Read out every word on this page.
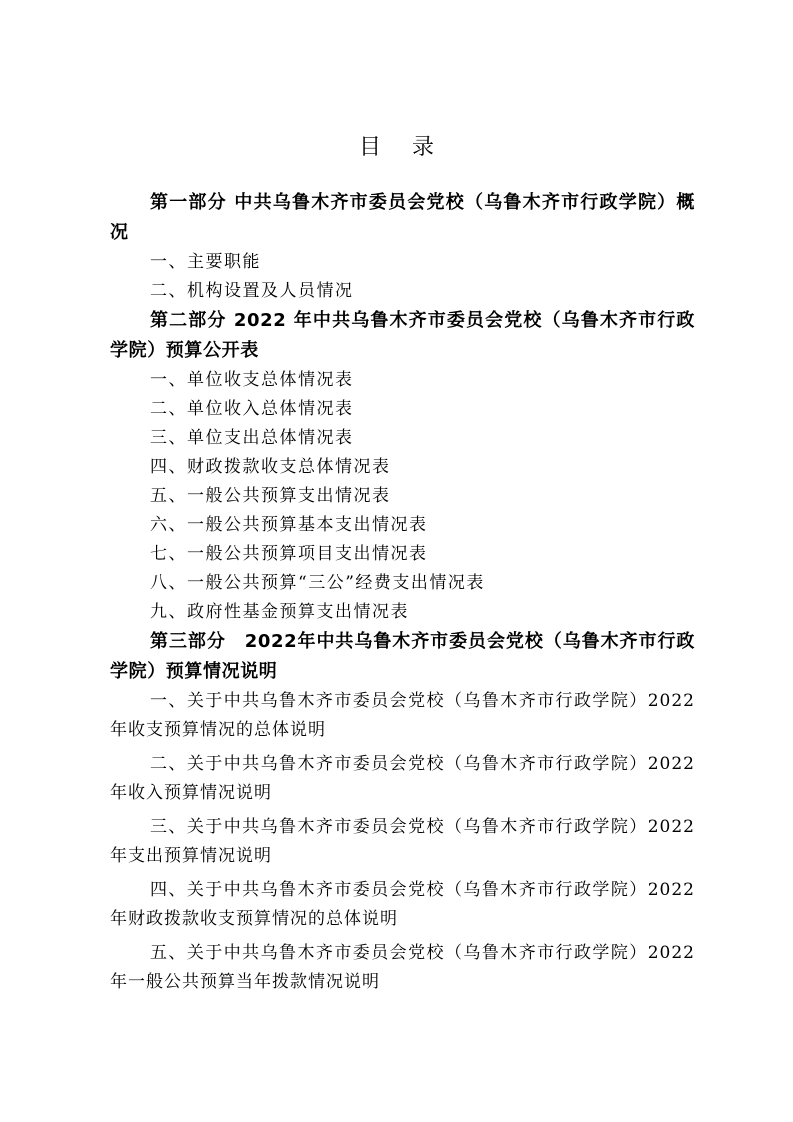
目 录
第一部分 中共乌鲁木齐市委员会党校（乌鲁木齐市行政学院）概况
一、主要职能
二、机构设置及人员情况
第二部分 2022 年中共乌鲁木齐市委员会党校（乌鲁木齐市行政学院）预算公开表
一、单位收支总体情况表
二、单位收入总体情况表
三、单位支出总体情况表
四、财政拨款收支总体情况表
五、一般公共预算支出情况表
六、一般公共预算基本支出情况表
七、一般公共预算项目支出情况表
八、一般公共预算“三公”经费支出情况表
九、政府性基金预算支出情况表
第三部分　2022年中共乌鲁木齐市委员会党校（乌鲁木齐市行政学院）预算情况说明
一、关于中共乌鲁木齐市委员会党校（乌鲁木齐市行政学院）2022 年收支预算情况的总体说明
二、关于中共乌鲁木齐市委员会党校（乌鲁木齐市行政学院）2022 年收入预算情况说明
三、关于中共乌鲁木齐市委员会党校（乌鲁木齐市行政学院）2022 年支出预算情况说明
四、关于中共乌鲁木齐市委员会党校（乌鲁木齐市行政学院）2022　年财政拨款收支预算情况的总体说明
五、关于中共乌鲁木齐市委员会党校（乌鲁木齐市行政学院）2022　年一般公共预算当年拨款情况说明
